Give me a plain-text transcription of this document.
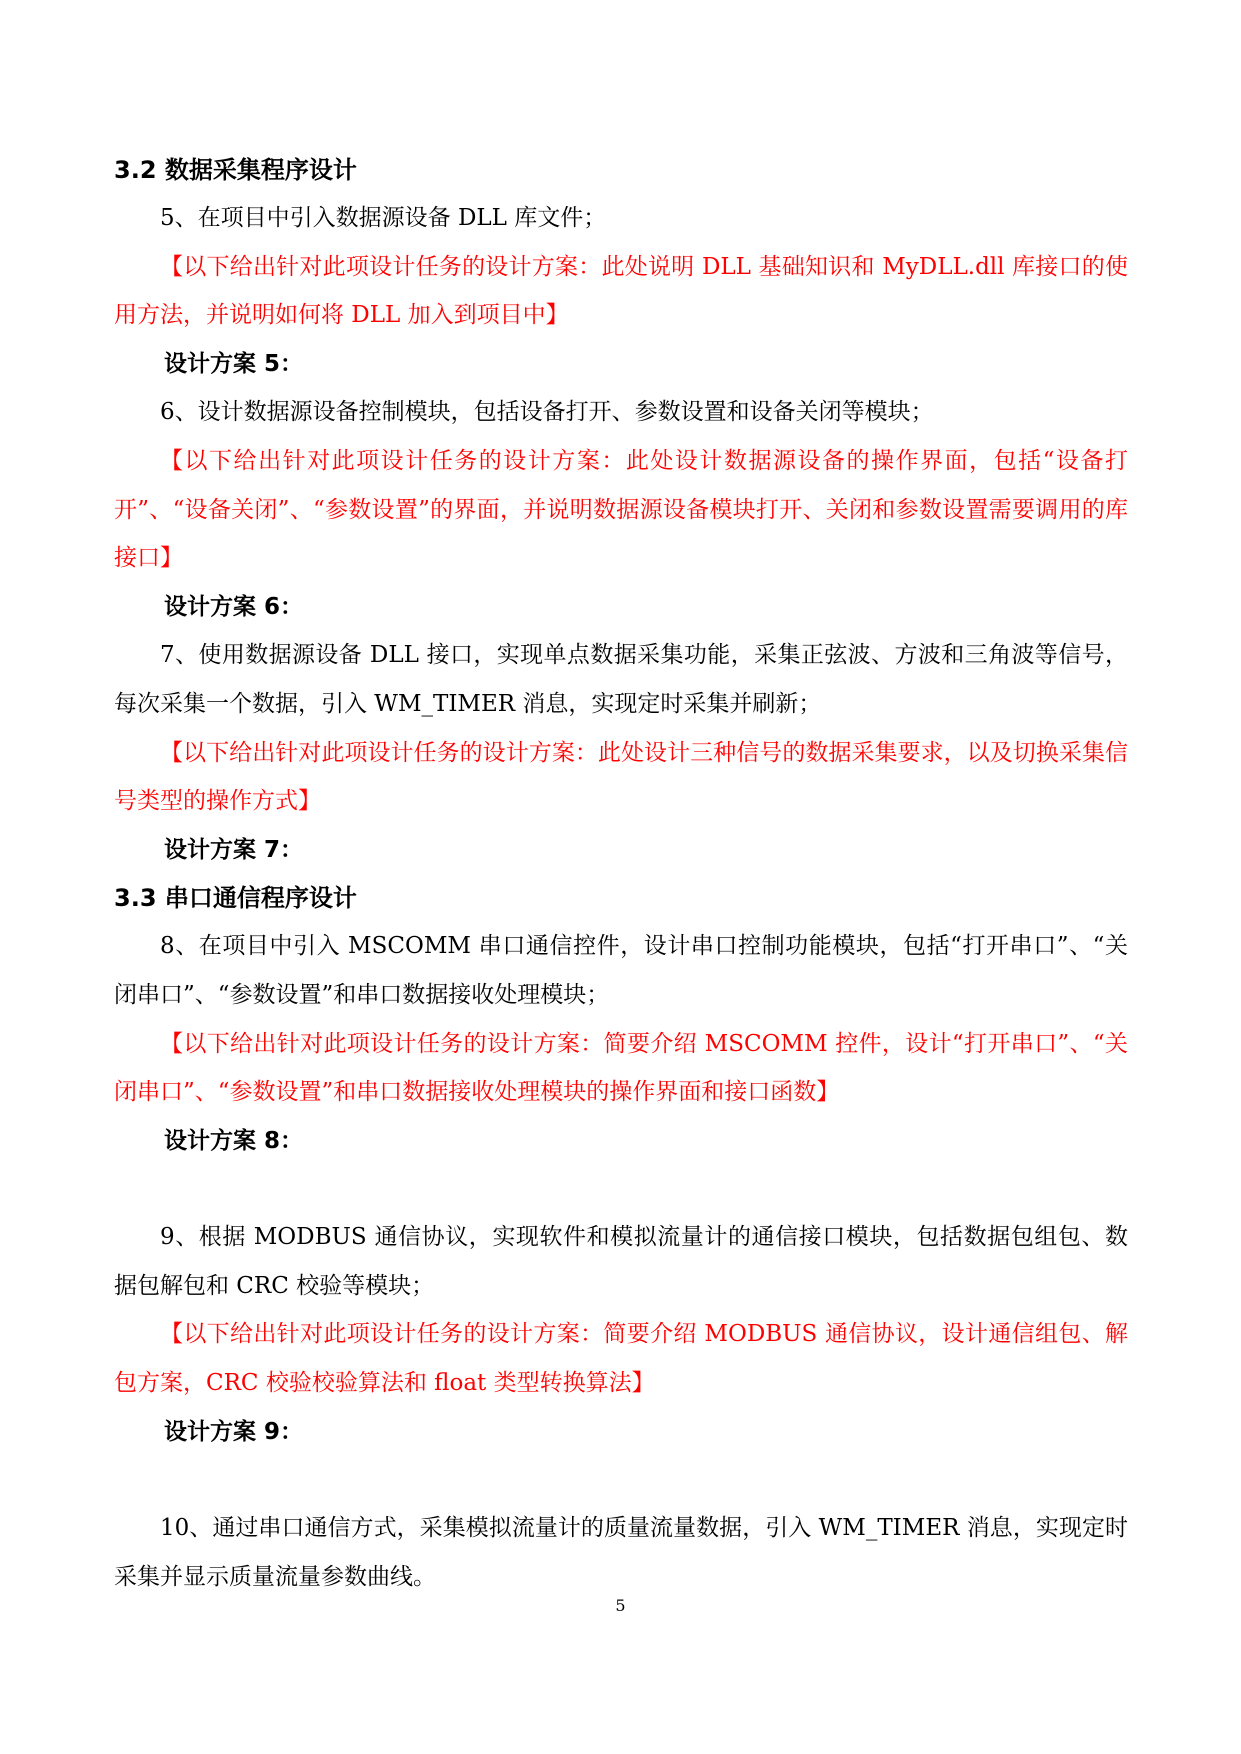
3.2 数据采集程序设计

5、在项目中引入数据源设备 DLL 库文件；

【以下给出针对此项设计任务的设计方案：此处说明 DLL 基础知识和 MyDLL.dll 库接口的使用方法，并说明如何将 DLL 加入到项目中】

设计方案 5：

6、设计数据源设备控制模块，包括设备打开、参数设置和设备关闭等模块；

【以下给出针对此项设计任务的设计方案：此处设计数据源设备的操作界面，包括“设备打开”、“设备关闭”、“参数设置”的界面，并说明数据源设备模块打开、关闭和参数设置需要调用的库接口】

设计方案 6：

7、使用数据源设备 DLL 接口，实现单点数据采集功能，采集正弦波、方波和三角波等信号，每次采集一个数据，引入 WM_TIMER 消息，实现定时采集并刷新；

【以下给出针对此项设计任务的设计方案：此处设计三种信号的数据采集要求，以及切换采集信号类型的操作方式】

设计方案 7：

3.3 串口通信程序设计

8、在项目中引入 MSCOMM 串口通信控件，设计串口控制功能模块，包括“打开串口”、“关闭串口”、“参数设置”和串口数据接收处理模块；

【以下给出针对此项设计任务的设计方案：简要介绍 MSCOMM 控件，设计“打开串口”、“关闭串口”、“参数设置”和串口数据接收处理模块的操作界面和接口函数】

设计方案 8：

9、根据 MODBUS 通信协议，实现软件和模拟流量计的通信接口模块，包括数据包组包、数据包解包和 CRC 校验等模块；

【以下给出针对此项设计任务的设计方案：简要介绍 MODBUS 通信协议，设计通信组包、解包方案，CRC 校验校验算法和 float 类型转换算法】

设计方案 9：

10、通过串口通信方式，采集模拟流量计的质量流量数据，引入 WM_TIMER 消息，实现定时采集并显示质量流量参数曲线。

5
